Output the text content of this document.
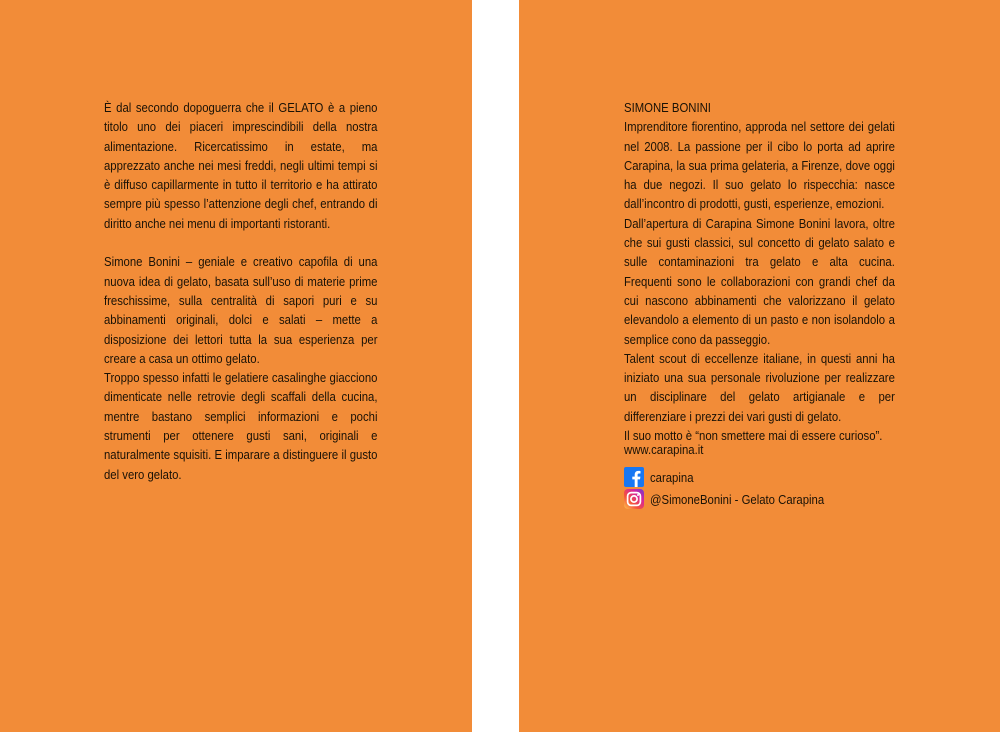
È dal secondo dopoguerra che il GELATO è a pieno titolo uno dei piaceri imprescindibili della nostra alimentazione. Ricercatissimo in estate, ma apprezzato anche nei mesi freddi, negli ultimi tempi si è diffuso capillarmente in tutto il territorio e ha attirato sempre più spesso l’attenzione degli chef, entrando di diritto anche nei menu di importanti ristoranti.

Simone Bonini – geniale e creativo capofila di una nuova idea di gelato, basata sull’uso di materie prime freschissime, sulla centralità di sapori puri e su abbinamenti originali, dolci e salati – mette a disposizione dei lettori tutta la sua esperienza per creare a casa un ottimo gelato.

Troppo spesso infatti le gelatiere casalinghe giacciono dimenticate nelle retrovie degli scaffali della cucina, mentre bastano semplici informazioni e pochi strumenti per ottenere gusti sani, originali e naturalmente squisiti. E imparare a distinguere il gusto del vero gelato.

SIMONE BONINI

Imprenditore fiorentino, approda nel settore dei gelati nel 2008. La passione per il cibo lo porta ad aprire Carapina, la sua prima gelateria, a Firenze, dove oggi ha due negozi. Il suo gelato lo rispecchia: nasce dall’incontro di prodotti, gusti, esperienze, emozioni.

Dall’apertura di Carapina Simone Bonini lavora, oltre che sui gusti classici, sul concetto di gelato salato e sulle contaminazioni tra gelato e alta cucina. Frequenti sono le collaborazioni con grandi chef da cui nascono abbinamenti che valorizzano il gelato elevandolo a elemento di un pasto e non isolandolo a semplice cono da passeggio.

Talent scout di eccellenze italiane, in questi anni ha iniziato una sua personale rivoluzione per realizzare un disciplinare del gelato artigianale e per differenziare i prezzi dei vari gusti di gelato.

Il suo motto è “non smettere mai di essere curioso”.

www.carapina.it
carapina
@SimoneBonini - Gelato Carapina
